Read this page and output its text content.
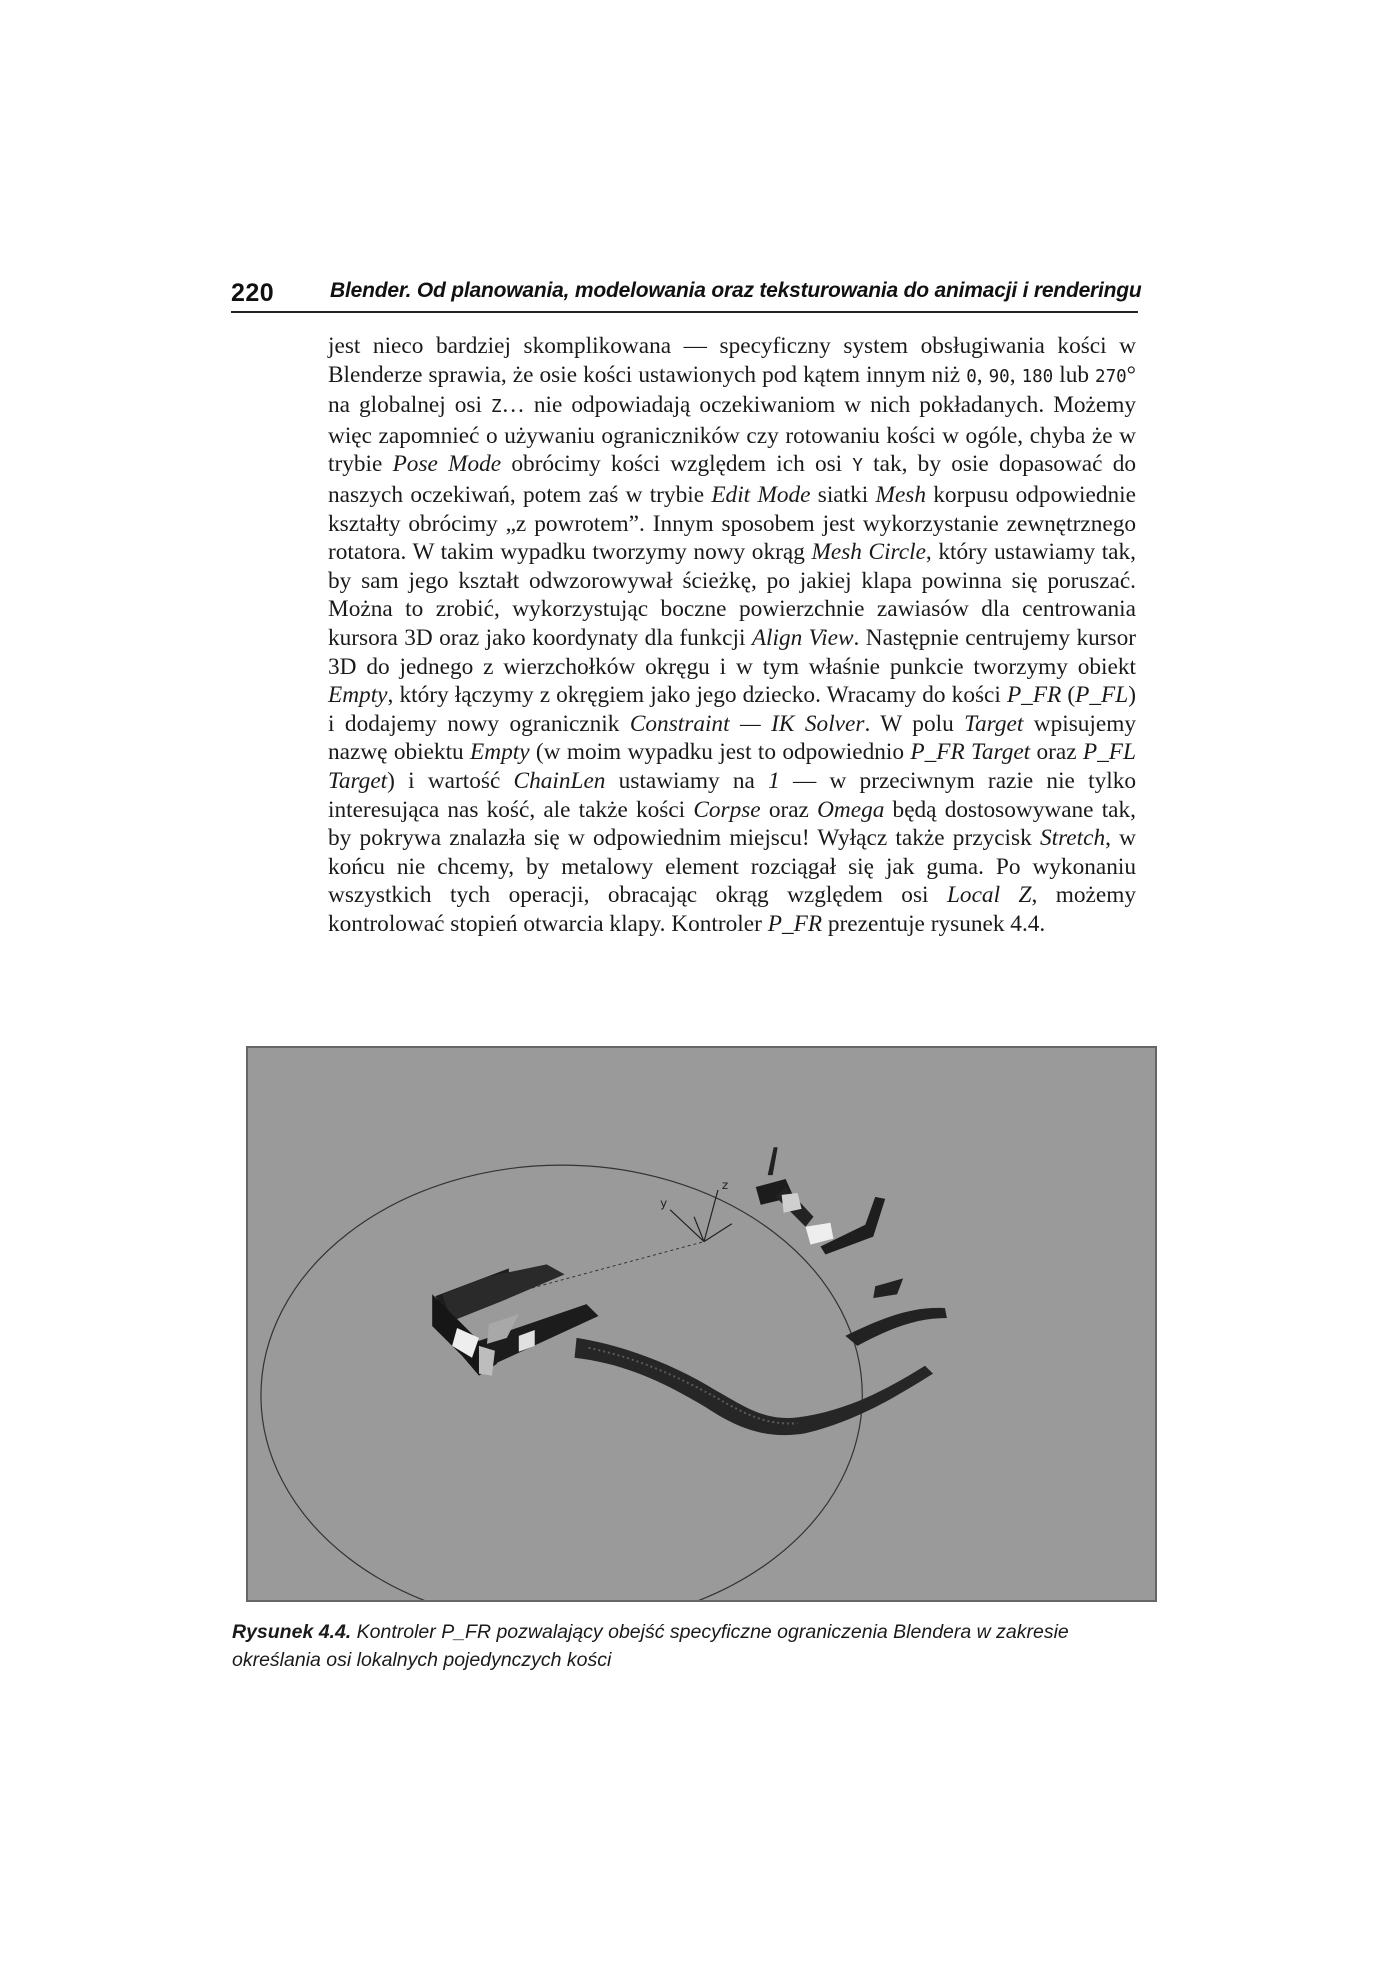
220	Blender. Od planowania, modelowania oraz teksturowania do animacji i renderingu

jest nieco bardziej skomplikowana — specyficzny system obsługiwania kości w Blenderze sprawia, że osie kości ustawionych pod kątem innym niż 0, 90, 180 lub 270° na globalnej osi Z… nie odpowiadają oczekiwaniom w nich pokładanych. Możemy więc zapomnieć o używaniu ograniczników czy rotowaniu kości w ogóle, chyba że w trybie Pose Mode obrócimy kości względem ich osi Y tak, by osie dopasować do naszych oczekiwań, potem zaś w trybie Edit Mode siatki Mesh korpusu odpowiednie kształty obrócimy „z powrotem”. Innym sposobem jest wykorzystanie zewnętrznego rotatora. W takim wypadku tworzymy nowy okrąg Mesh Circle, który ustawiamy tak, by sam jego kształt odwzorowywał ścieżkę, po jakiej klapa powinna się poruszać. Można to zrobić, wykorzystując boczne powierzchnie zawiasów dla centrowania kursora 3D oraz jako koordynaty dla funkcji Align View. Następnie centrujemy kursor 3D do jednego z wierzchołków okręgu i w tym właśnie punkcie tworzymy obiekt Empty, który łączymy z okręgiem jako jego dziecko. Wracamy do kości P_FR (P_FL) i dodajemy nowy ogranicznik Constraint — IK Solver. W polu Target wpisujemy nazwę obiektu Empty (w moim wypadku jest to odpowiednio P_FR Target oraz P_FL Target) i wartość ChainLen ustawiamy na 1 — w przeciwnym razie nie tylko interesująca nas kość, ale także kości Corpse oraz Omega będą dostosowywane tak, by pokrywa znalazła się w odpowiednim miejscu! Wyłącz także przycisk Stretch, w końcu nie chcemy, by metalowy element rozciągał się jak guma. Po wykonaniu wszystkich tych operacji, obracając okrąg względem osi Local Z, możemy kontrolować stopień otwarcia klapy. Kontroler P_FR prezentuje rysunek 4.4.

z
y
Rysunek 4.4. Kontroler P_FR pozwalający obejść specyficzne ograniczenia Blendera w zakresie określania osi lokalnych pojedynczych kości
